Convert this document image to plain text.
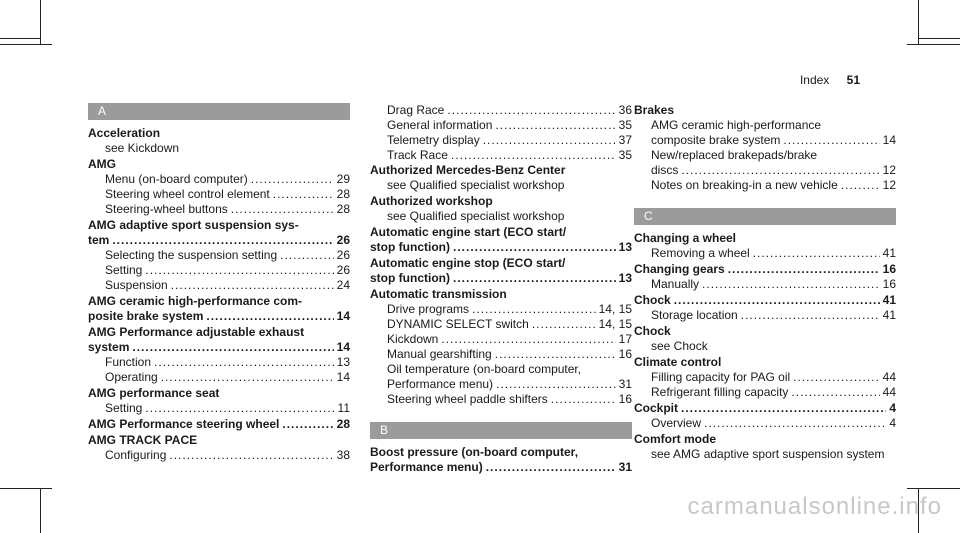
Index 51
A
Acceleration
see Kickdown
AMG
Menu (on-board computer) .....	29
Steering wheel control element .....	28
Steering-wheel buttons .....	28
AMG adaptive sport suspension sys-
tem .....	26
Selecting the suspension setting .....	26
Setting .....	26
Suspension .....	24
AMG ceramic high-performance com-
posite brake system .....	14
AMG Performance adjustable exhaust
system .....	14
Function .....	13
Operating .....	14
AMG performance seat
Setting .....	11
AMG Performance steering wheel .....	28
AMG TRACK PACE
Configuring .....	38
Drag Race .....	36
General information .....	35
Telemetry display .....	37
Track Race .....	35
Authorized Mercedes-Benz Center
see Qualified specialist workshop
Authorized workshop
see Qualified specialist workshop
Automatic engine start (ECO start/
stop function) .....	13
Automatic engine stop (ECO start/
stop function) .....	13
Automatic transmission
Drive programs .....	14, 15
DYNAMIC SELECT switch .....	14, 15
Kickdown .....	17
Manual gearshifting .....	16
Oil temperature (on-board computer,
Performance menu) .....	31
Steering wheel paddle shifters .....	16
B
Boost pressure (on-board computer,
Performance menu) .....	31
Brakes
AMG ceramic high-performance
composite brake system .....	14
New/replaced brakepads/brake
discs .....	12
Notes on breaking-in a new vehicle .....	12
C
Changing a wheel
Removing a wheel .....	41
Changing gears .....	16
Manually .....	16
Chock .....	41
Storage location .....	41
Chock
see Chock
Climate control
Filling capacity for PAG oil .....	44
Refrigerant filling capacity .....	44
Cockpit .....	4
Overview .....	4
Comfort mode
see AMG adaptive sport suspension system
carmanualsonline.info
